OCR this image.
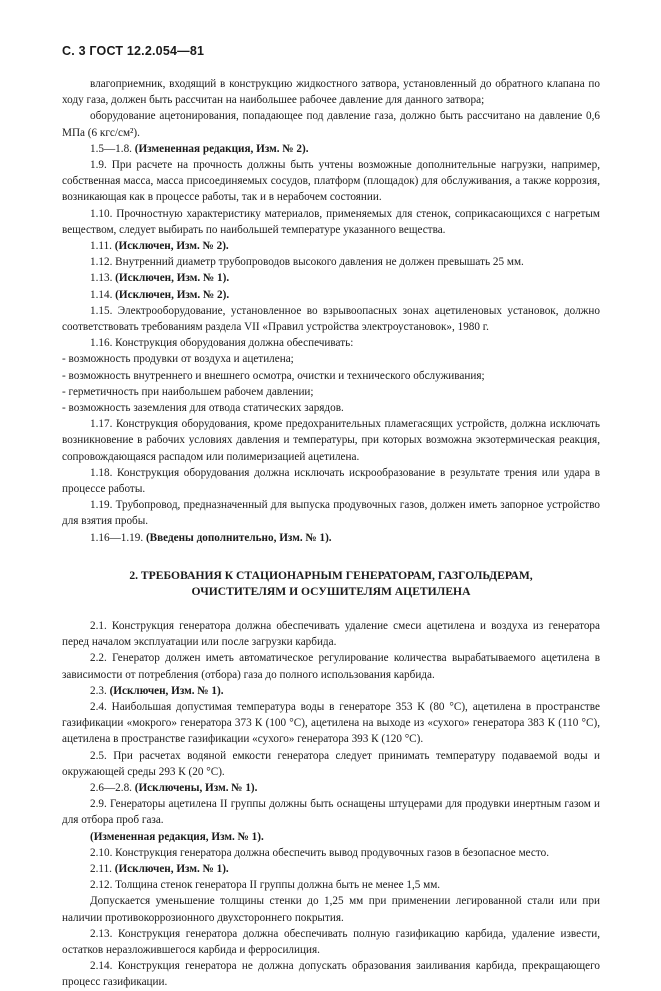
С. 3 ГОСТ 12.2.054—81

влагоприемник, входящий в конструкцию жидкостного затвора, установленный до обратного клапана по ходу газа, должен быть рассчитан на наибольшее рабочее давление для данного затвора;

оборудование ацетонирования, попадающее под давление газа, должно быть рассчитано на давление 0,6 МПа (6 кгс/см²).

1.5—1.8. (Измененная редакция, Изм. № 2).

1.9. При расчете на прочность должны быть учтены возможные дополнительные нагрузки, например, собственная масса, масса присоединяемых сосудов, платформ (площадок) для обслуживания, а также коррозия, возникающая как в процессе работы, так и в нерабочем состоянии.

1.10. Прочностную характеристику материалов, применяемых для стенок, соприкасающихся с нагретым веществом, следует выбирать по наибольшей температуре указанного вещества.

1.11. (Исключен, Изм. № 2).

1.12. Внутренний диаметр трубопроводов высокого давления не должен превышать 25 мм.

1.13. (Исключен, Изм. № 1).

1.14. (Исключен, Изм. № 2).

1.15. Электрооборудование, установленное во взрывоопасных зонах ацетиленовых установок, должно соответствовать требованиям раздела VII «Правил устройства электроустановок», 1980 г.

1.16. Конструкция оборудования должна обеспечивать:

- возможность продувки от воздуха и ацетилена;

- возможность внутреннего и внешнего осмотра, очистки и технического обслуживания;

- герметичность при наибольшем рабочем давлении;

- возможность заземления для отвода статических зарядов.

1.17. Конструкция оборудования, кроме предохранительных пламегасящих устройств, должна исключать возникновение в рабочих условиях давления и температуры, при которых возможна экзотермическая реакция, сопровождающаяся распадом или полимеризацией ацетилена.

1.18. Конструкция оборудования должна исключать искрообразование в результате трения или удара в процессе работы.

1.19. Трубопровод, предназначенный для выпуска продувочных газов, должен иметь запорное устройство для взятия пробы.

1.16—1.19. (Введены дополнительно, Изм. № 1).

2. ТРЕБОВАНИЯ К СТАЦИОНАРНЫМ ГЕНЕРАТОРАМ, ГАЗГОЛЬДЕРАМ, ОЧИСТИТЕЛЯМ И ОСУШИТЕЛЯМ АЦЕТИЛЕНА

2.1. Конструкция генератора должна обеспечивать удаление смеси ацетилена и воздуха из генератора перед началом эксплуатации или после загрузки карбида.

2.2. Генератор должен иметь автоматическое регулирование количества вырабатываемого ацетилена в зависимости от потребления (отбора) газа до полного использования карбида.

2.3. (Исключен, Изм. № 1).

2.4. Наибольшая допустимая температура воды в генераторе 353 К (80 °С), ацетилена в пространстве газификации «мокрого» генератора 373 К (100 °С), ацетилена на выходе из «сухого» генератора 383 К (110 °С), ацетилена в пространстве газификации «сухого» генератора 393 К (120 °С).

2.5. При расчетах водяной емкости генератора следует принимать температуру подаваемой воды и окружающей среды 293 К (20 °С).

2.6—2.8. (Исключены, Изм. № 1).

2.9. Генераторы ацетилена II группы должны быть оснащены штуцерами для продувки инертным газом и для отбора проб газа.

(Измененная редакция, Изм. № 1).

2.10. Конструкция генератора должна обеспечить вывод продувочных газов в безопасное место.

2.11. (Исключен, Изм. № 1).

2.12. Толщина стенок генератора II группы должна быть не менее 1,5 мм.

Допускается уменьшение толщины стенки до 1,25 мм при применении легированной стали или при наличии противокоррозионного двухстороннего покрытия.

2.13. Конструкция генератора должна обеспечивать полную газификацию карбида, удаление извести, остатков неразложившегося карбида и ферросилиция.

2.14. Конструкция генератора не должна допускать образования заиливания карбида, прекращающего процесс газификации.
